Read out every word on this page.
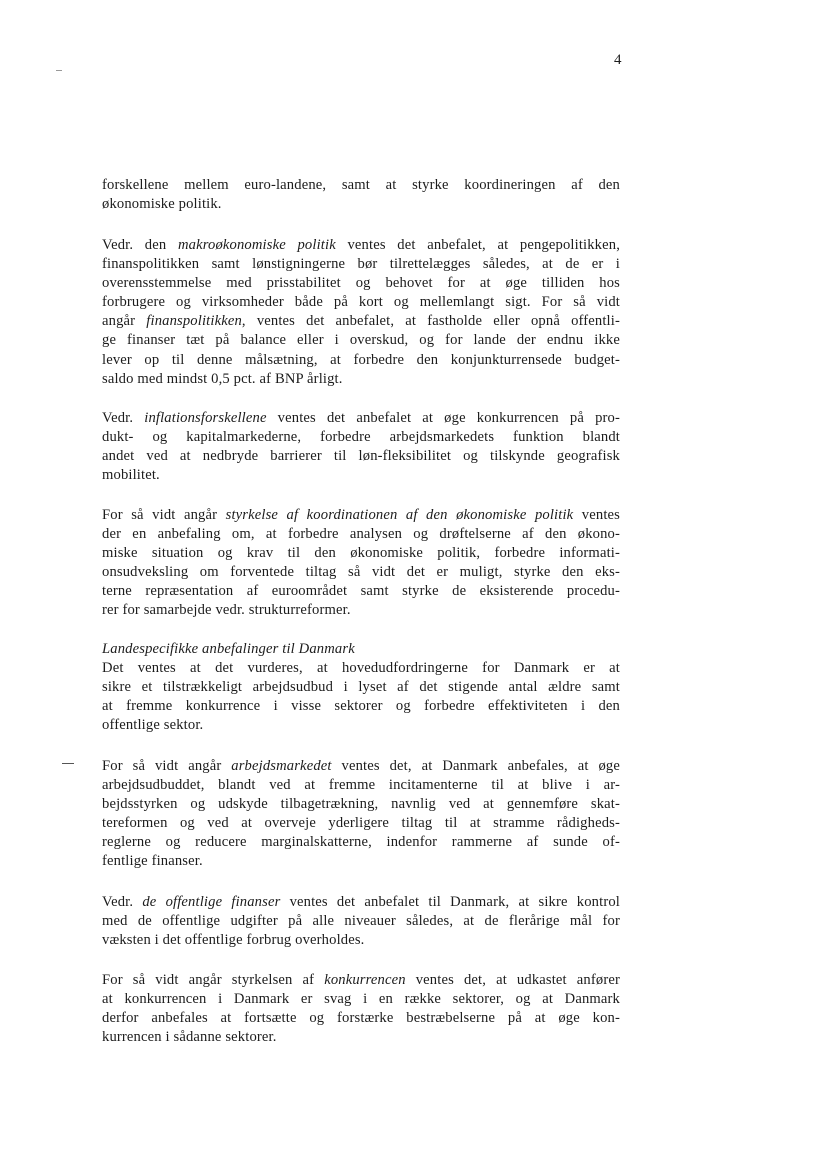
4
forskellene mellem euro-landene, samt at styrke koordineringen af den
økonomiske politik.
Vedr. den makroøkonomiske politik ventes det anbefalet, at pengepolitikken,
finanspolitikken samt lønstigningerne bør tilrettelægges således, at de er i
overensstemmelse med prisstabilitet og behovet for at øge tilliden hos
forbrugere og virksomheder både på kort og mellemlangt sigt. For så vidt
angår finanspolitikken, ventes det anbefalet, at fastholde eller opnå offentli-
ge finanser tæt på balance eller i overskud, og for lande der endnu ikke
lever op til denne målsætning, at forbedre den konjunkturrensede budget-
saldo med mindst 0,5 pct. af BNP årligt.
Vedr. inflationsforskellene ventes det anbefalet at øge konkurrencen på pro-
dukt- og kapitalmarkederne, forbedre arbejdsmarkedets funktion blandt
andet ved at nedbryde barrierer til løn-fleksibilitet og tilskynde geografisk
mobilitet.
For så vidt angår styrkelse af koordinationen af den økonomiske politik ventes
der en anbefaling om, at forbedre analysen og drøftelserne af den økono-
miske situation og krav til den økonomiske politik, forbedre informati-
onsudveksling om forventede tiltag så vidt det er muligt, styrke den eks-
terne repræsentation af euroområdet samt styrke de eksisterende procedu-
rer for samarbejde vedr. strukturreformer.
Landespecifikke anbefalinger til Danmark
Det ventes at det vurderes, at hovedudfordringerne for Danmark er at
sikre et tilstrækkeligt arbejdsudbud i lyset af det stigende antal ældre samt
at fremme konkurrence i visse sektorer og forbedre effektiviteten i den
offentlige sektor.
For så vidt angår arbejdsmarkedet ventes det, at Danmark anbefales, at øge
arbejdsudbuddet, blandt ved at fremme incitamenterne til at blive i ar-
bejdsstyrken og udskyde tilbagetrækning, navnlig ved at gennemføre skat-
tereformen og ved at overveje yderligere tiltag til at stramme rådigheds-
reglerne og reducere marginalskatterne, indenfor rammerne af sunde of-
fentlige finanser.
Vedr. de offentlige finanser ventes det anbefalet til Danmark, at sikre kontrol
med de offentlige udgifter på alle niveauer således, at de flerårige mål for
væksten i det offentlige forbrug overholdes.
For så vidt angår styrkelsen af konkurrencen ventes det, at udkastet anfører
at konkurrencen i Danmark er svag i en række sektorer, og at Danmark
derfor anbefales at fortsætte og forstærke bestræbelserne på at øge kon-
kurrencen i sådanne sektorer.
